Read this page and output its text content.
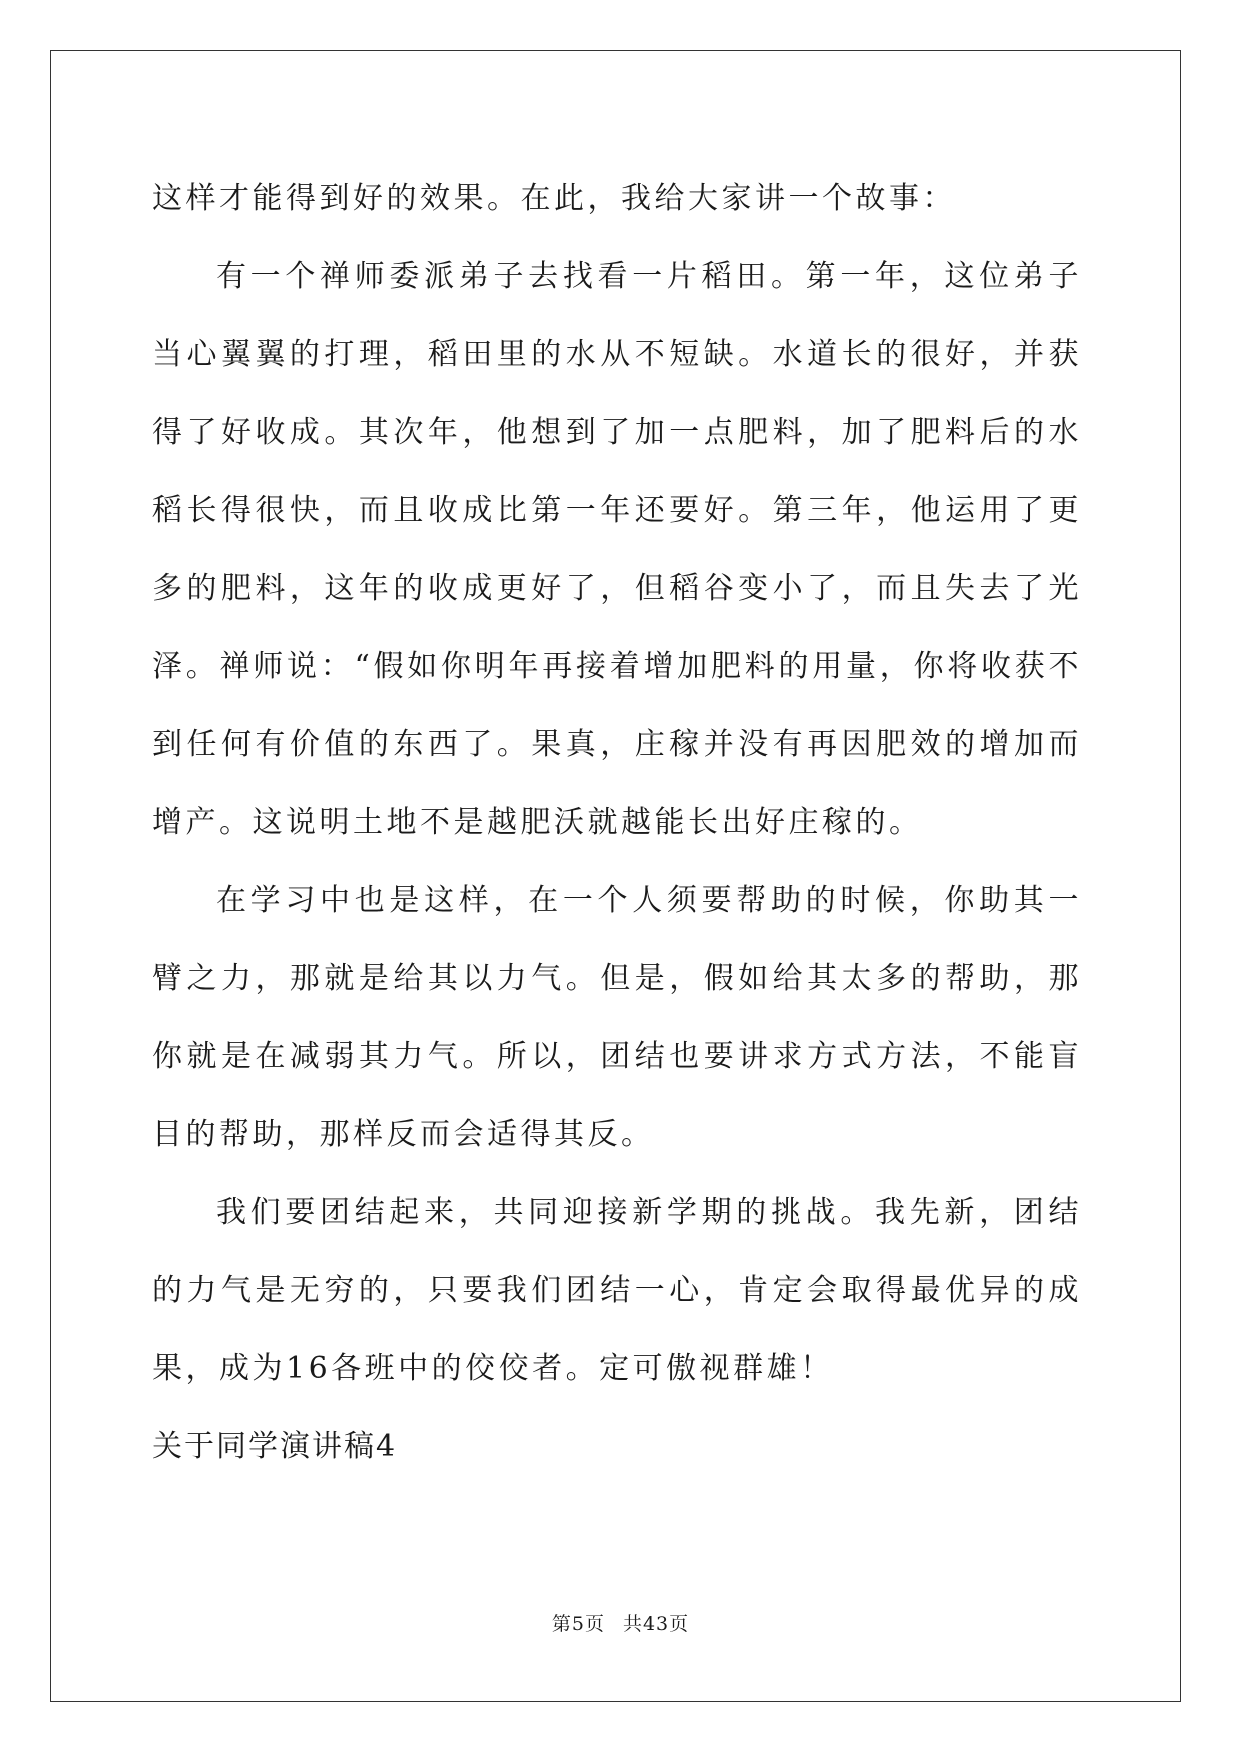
这样才能得到好的效果。在此，我给大家讲一个故事：

有一个禅师委派弟子去找看一片稻田。第一年，这位弟子当心翼翼的打理，稻田里的水从不短缺。水道长的很好，并获得了好收成。其次年，他想到了加一点肥料，加了肥料后的水稻长得很快，而且收成比第一年还要好。第三年，他运用了更多的肥料，这年的收成更好了，但稻谷变小了，而且失去了光泽。禅师说：“假如你明年再接着增加肥料的用量，你将收获不到任何有价值的东西了。果真，庄稼并没有再因肥效的增加而增产。这说明土地不是越肥沃就越能长出好庄稼的。

在学习中也是这样，在一个人须要帮助的时候，你助其一臂之力，那就是给其以力气。但是，假如给其太多的帮助，那你就是在减弱其力气。所以，团结也要讲求方式方法，不能盲目的帮助，那样反而会适得其反。

我们要团结起来，共同迎接新学期的挑战。我先新，团结的力气是无穷的，只要我们团结一心，肯定会取得最优异的成果，成为16各班中的佼佼者。定可傲视群雄！

关于同学演讲稿4

第5页 共43页
